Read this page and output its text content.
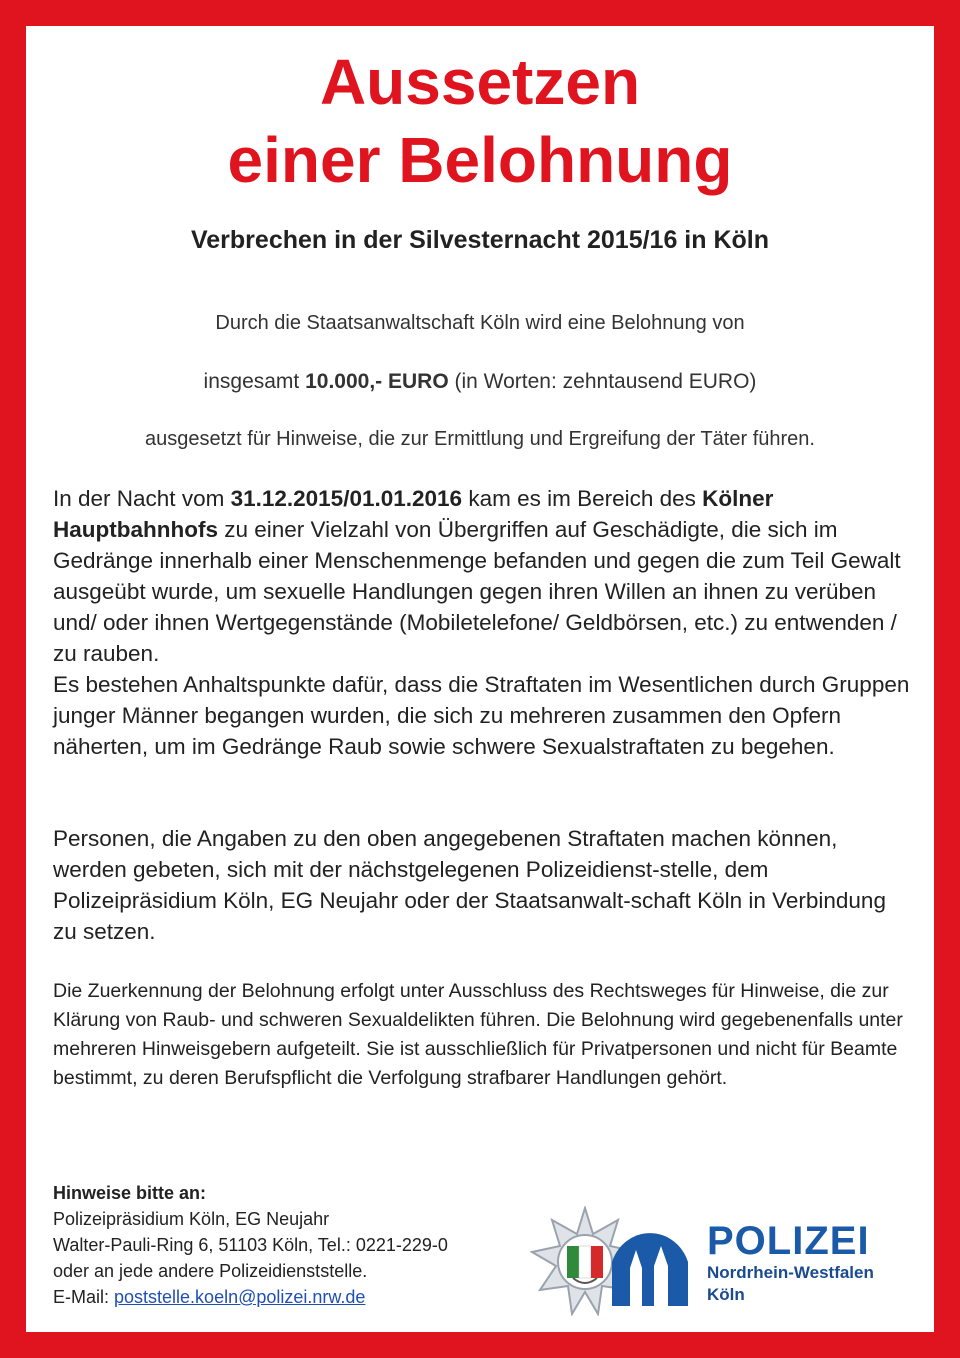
Aussetzen
einer Belohnung
Verbrechen in der Silvesternacht 2015/16 in Köln
Durch die Staatsanwaltschaft Köln wird eine Belohnung von
insgesamt 10.000,- EURO (in Worten: zehntausend EURO)
ausgesetzt für Hinweise, die zur Ermittlung und Ergreifung der Täter führen.

In der Nacht vom 31.12.2015/01.01.2016 kam es im Bereich des Kölner Hauptbahnhofs zu einer Vielzahl von Übergriffen auf Geschädigte, die sich im Gedränge innerhalb einer Menschenmenge befanden und gegen die zum Teil Gewalt ausgeübt wurde, um sexuelle Handlungen gegen ihren Willen an ihnen zu verüben und/ oder ihnen Wertgegenstände (Mobiletelefone/ Geldbörsen, etc.) zu entwenden / zu rauben.
Es bestehen Anhaltspunkte dafür, dass die Straftaten im Wesentlichen durch Gruppen junger Männer begangen wurden, die sich zu mehreren zusammen den Opfern näherten, um im Gedränge Raub sowie schwere Sexualstraftaten zu begehen.

Personen, die Angaben zu den oben angegebenen Straftaten machen können, werden gebeten, sich mit der nächstgelegenen Polizeidienst-stelle, dem Polizeipräsidium Köln, EG Neujahr oder der Staatsanwalt-schaft Köln in Verbindung zu setzen.

Die Zuerkennung der Belohnung erfolgt unter Ausschluss des Rechtsweges für Hinweise, die zur Klärung von Raub- und schweren Sexualdelikten führen. Die Belohnung wird gegebenenfalls unter mehreren Hinweisgebern aufgeteilt. Sie ist ausschließlich für Privatpersonen und nicht für Beamte bestimmt, zu deren Berufspflicht die Verfolgung strafbarer Handlungen gehört.

Hinweise bitte an:
Polizeipräsidium Köln, EG Neujahr
Walter-Pauli-Ring 6, 51103 Köln, Tel.: 0221-229-0
oder an jede andere Polizeidienststelle.
E-Mail: poststelle.koeln@polizei.nrw.de
POLIZEI
Nordrhein-Westfalen
Köln
